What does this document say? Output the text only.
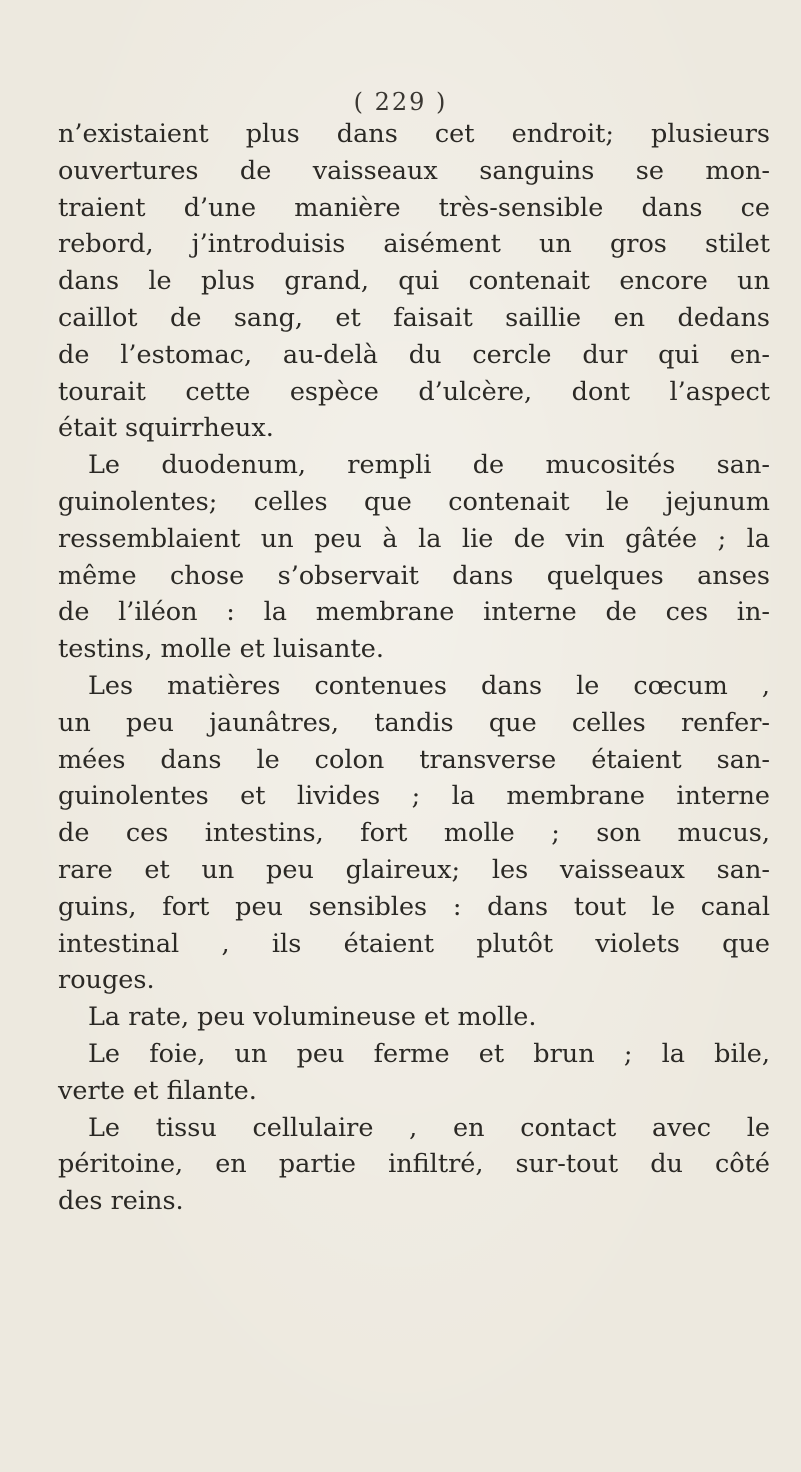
( 229 )
n’existaient plus dans cet endroit; plusieurs
ouvertures de vaisseaux sanguins se mon-
traient d’une manière très-sensible dans ce
rebord, j’introduisis aisément un gros stilet
dans le plus grand, qui contenait encore un
caillot de sang, et faisait saillie en dedans
de l’estomac, au-delà du cercle dur qui en-
tourait cette espèce d’ulcère, dont l’aspect
était squirrheux.
Le duodenum, rempli de mucosités san-
guinolentes; celles que contenait le jejunum
ressemblaient un peu à la lie de vin gâtée ; la
même chose s’observait dans quelques anses
de l’iléon : la membrane interne de ces in-
testins, molle et luisante.
Les matières contenues dans le cœcum ,
un peu jaunâtres, tandis que celles renfer-
mées dans le colon transverse étaient san-
guinolentes et livides ; la membrane interne
de ces intestins, fort molle ; son mucus,
rare et un peu glaireux; les vaisseaux san-
guins, fort peu sensibles : dans tout le canal
intestinal , ils étaient plutôt violets que
rouges.
La rate, peu volumineuse et molle.
Le foie, un peu ferme et brun ; la bile,
verte et filante.
Le tissu cellulaire , en contact avec le
péritoine, en partie infiltré, sur-tout du côté
des reins.
